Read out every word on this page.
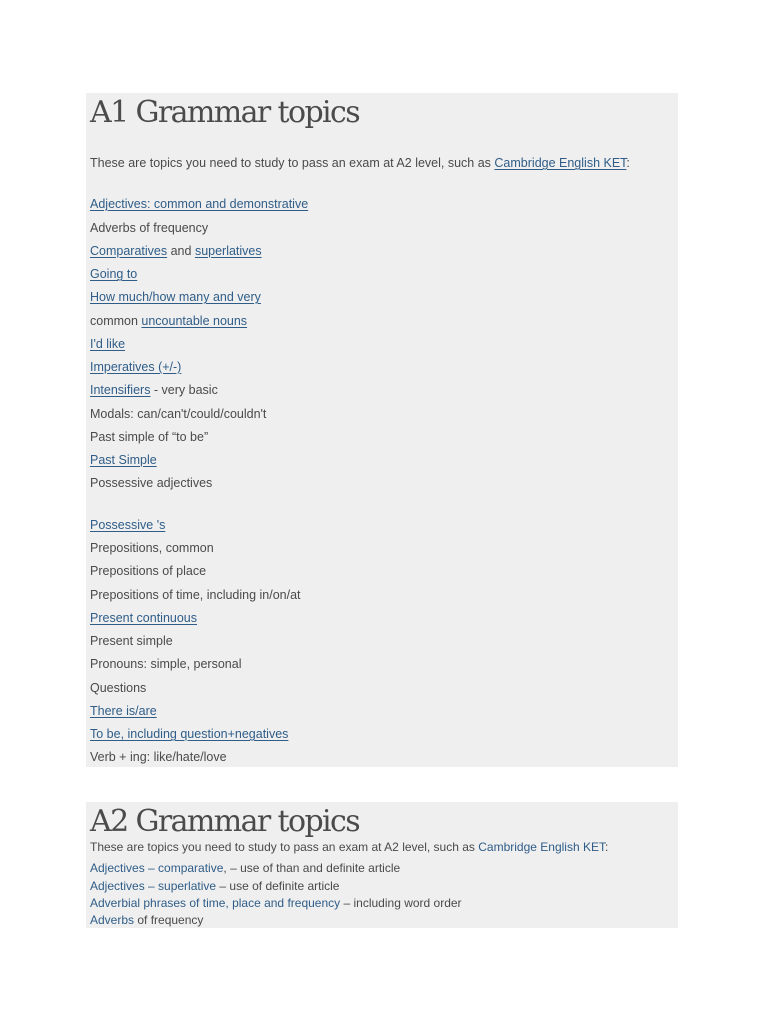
A1 Grammar topics
These are topics you need to study to pass an exam at A2 level, such as Cambridge English KET:
Adjectives: common and demonstrative
Adverbs of frequency
Comparatives and superlatives
Going to
How much/how many and very
common uncountable nouns
I'd like
Imperatives (+/-)
Intensifiers - very basic
Modals: can/can't/could/couldn't
Past simple of “to be”
Past Simple
Possessive adjectives
Possessive 's
Prepositions, common
Prepositions of place
Prepositions of time, including in/on/at
Present continuous
Present simple
Pronouns: simple, personal
Questions
There is/are
To be, including question+negatives
Verb + ing: like/hate/love
A2 Grammar topics
These are topics you need to study to pass an exam at A2 level, such as Cambridge English KET:
Adjectives – comparative, – use of than and definite article
Adjectives – superlative – use of definite article
Adverbial phrases of time, place and frequency – including word order
Adverbs of frequency
